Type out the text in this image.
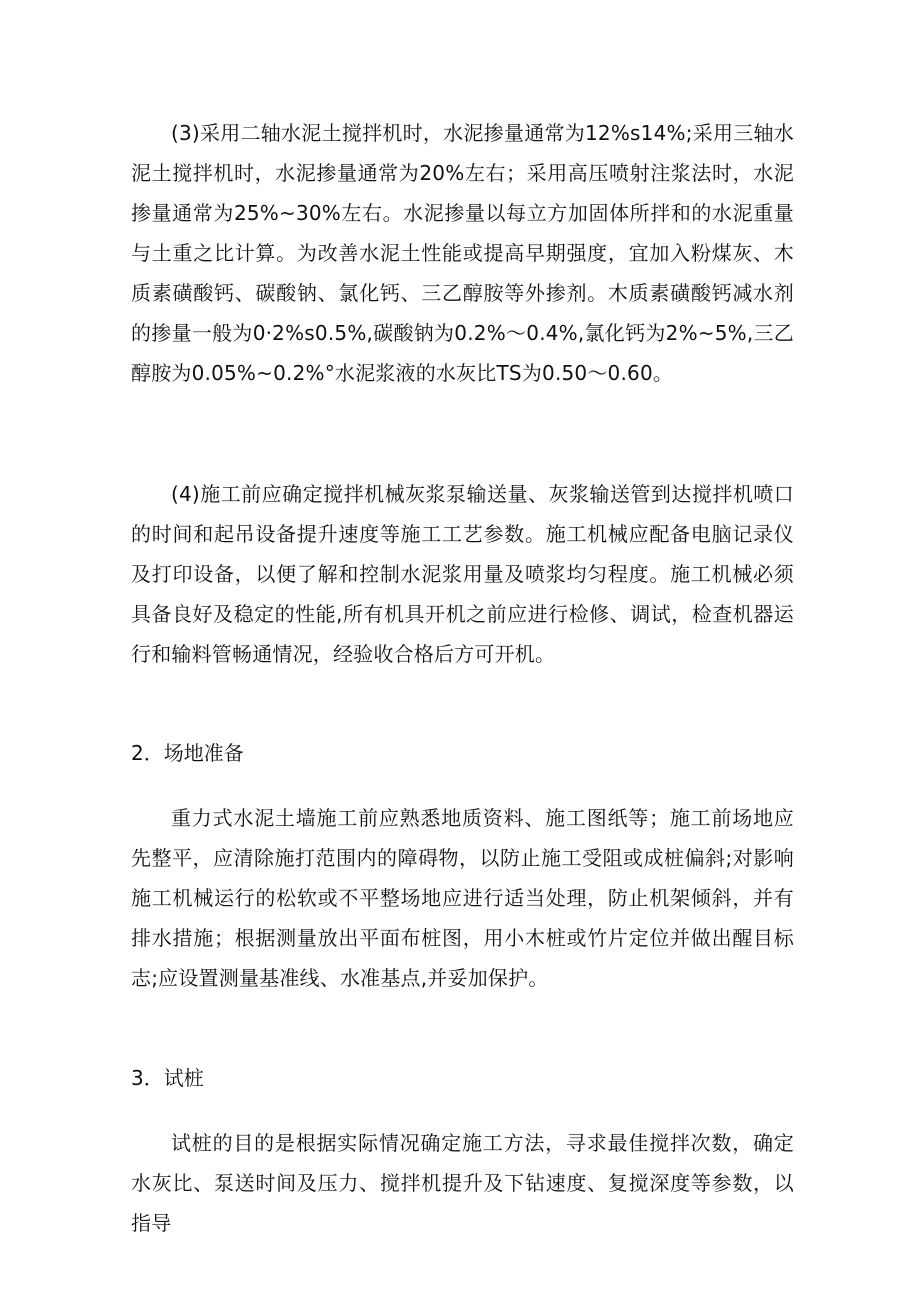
(3)采用二轴水泥土搅拌机时，水泥掺量通常为12%s14%;采用三轴水泥土搅拌机时，水泥掺量通常为20%左右；采用高压喷射注浆法时，水泥掺量通常为25%~30%左右。水泥掺量以每立方加固体所拌和的水泥重量与土重之比计算。为改善水泥土性能或提高早期强度，宜加入粉煤灰、木质素磺酸钙、碳酸钠、氯化钙、三乙醇胺等外掺剂。木质素磺酸钙减水剂的掺量一般为0·2%s0.5%,碳酸钠为0.2%〜0.4%,氯化钙为2%~5%,三乙醇胺为0.05%~0.2%°水泥浆液的水灰比TS为0.50〜0.60。

(4)施工前应确定搅拌机械灰浆泵输送量、灰浆输送管到达搅拌机喷口的时间和起吊设备提升速度等施工工艺参数。施工机械应配备电脑记录仪及打印设备，以便了解和控制水泥浆用量及喷浆均匀程度。施工机械必须具备良好及稳定的性能,所有机具开机之前应进行检修、调试，检查机器运行和输料管畅通情况，经验收合格后方可开机。

2．场地准备

重力式水泥土墙施工前应熟悉地质资料、施工图纸等；施工前场地应先整平，应清除施打范围内的障碍物，以防止施工受阻或成桩偏斜;对影响施工机械运行的松软或不平整场地应进行适当处理，防止机架倾斜，并有排水措施；根据测量放出平面布桩图，用小木桩或竹片定位并做出醒目标志;应设置测量基准线、水准基点,并妥加保护。

3．试桩

试桩的目的是根据实际情况确定施工方法，寻求最佳搅拌次数，确定水灰比、泵送时间及压力、搅拌机提升及下钻速度、复搅深度等参数，以指导
